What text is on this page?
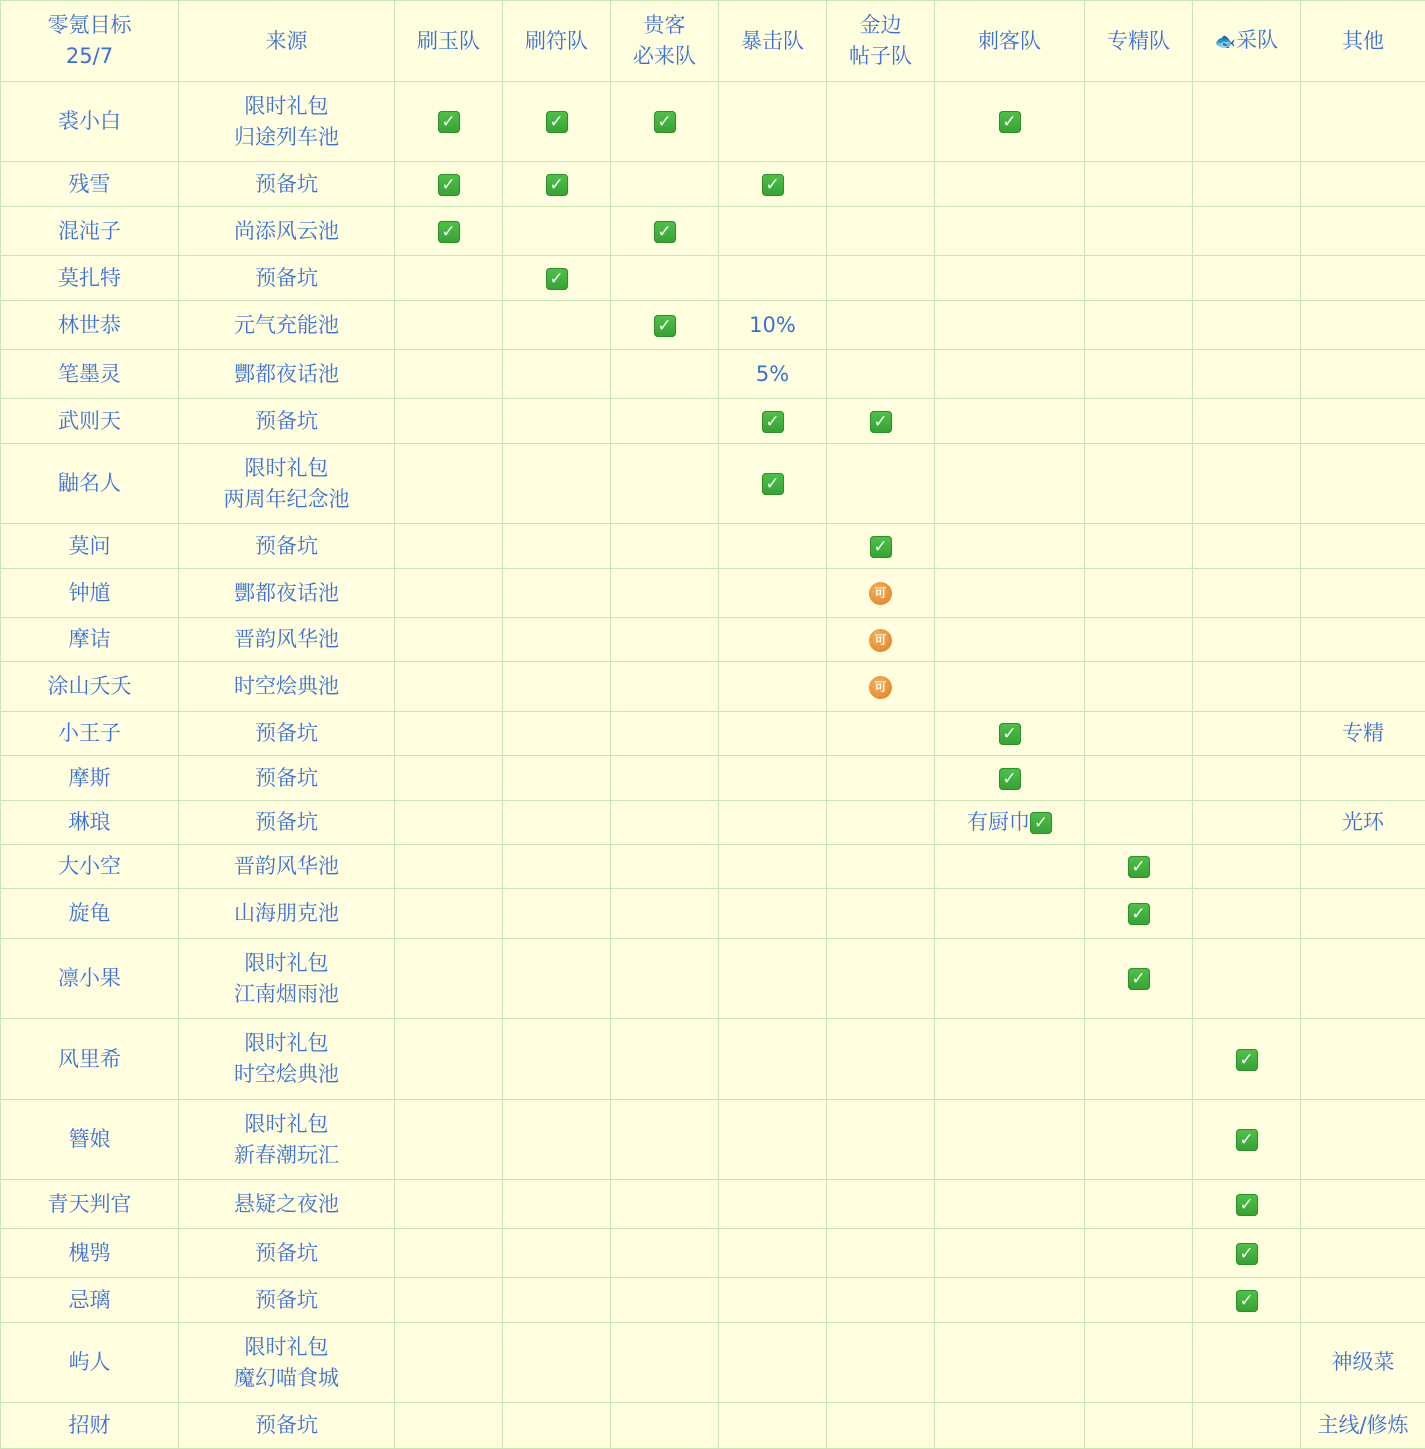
零氪目标
25/7	来源	刷玉队	刷符队	贵客
必来队	暴击队	金边
帖子队	刺客队	专精队	🐟采队	其他

裘小白	限时礼包
归途列车池	✓	✓	✓			✓			

残雪	预备坑	✓	✓		✓					

混沌子	尚添风云池	✓		✓						

莫扎特	预备坑		✓							

林世恭	元气充能池			✓	10%					

笔墨灵	酆都夜话池				5%					

武则天	预备坑				✓	✓				

鼬名人	限时礼包
两周年纪念池				✓					

莫问	预备坑					✓				

钟馗	酆都夜话池					可				

摩诘	晋韵风华池					可				

涂山夭夭	时空烩典池					可				

小王子	预备坑						✓			专精

摩斯	预备坑						✓			

琳琅	预备坑						有厨巾 ✓			光环

大小空	晋韵风华池							✓		

旋龟	山海朋克池							✓		

凛小果	限时礼包
江南烟雨池							✓		

风里希	限时礼包
时空烩典池								✓	

簪娘	限时礼包
新春潮玩汇								✓	

青天判官	悬疑之夜池								✓	

槐鸮	预备坑								✓	

忌璃	预备坑								✓	

屿人	限时礼包
魔幻喵食城									神级菜

招财	预备坑									主线/修炼
